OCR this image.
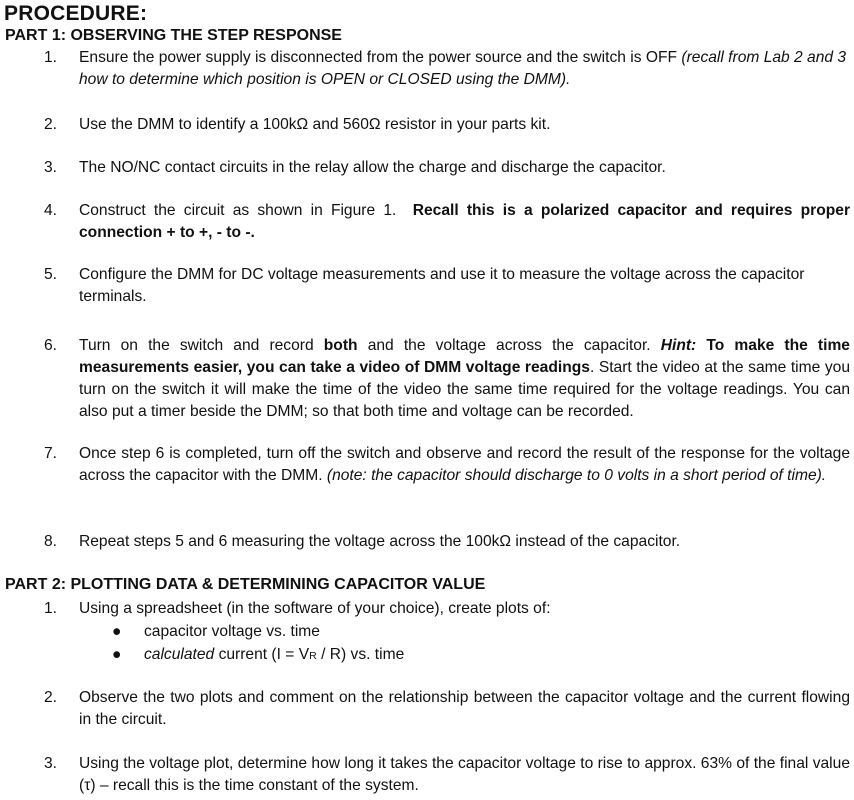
PROCEDURE:
PART 1: OBSERVING THE STEP RESPONSE
1.	Ensure the power supply is disconnected from the power source and the switch is OFF (recall from Lab 2 and 3 how to determine which position is OPEN or CLOSED using the DMM).
2.	Use the DMM to identify a 100kΩ and 560Ω resistor in your parts kit.
3.	The NO/NC contact circuits in the relay allow the charge and discharge the capacitor.
4.	Construct the circuit as shown in Figure 1. Recall this is a polarized capacitor and requires proper connection + to +, - to -.
5.	Configure the DMM for DC voltage measurements and use it to measure the voltage across the capacitor terminals.
6.	Turn on the switch and record both and the voltage across the capacitor. Hint: To make the time measurements easier, you can take a video of DMM voltage readings. Start the video at the same time you turn on the switch it will make the time of the video the same time required for the voltage readings. You can also put a timer beside the DMM; so that both time and voltage can be recorded.
7.	Once step 6 is completed, turn off the switch and observe and record the result of the response for the voltage across the capacitor with the DMM. (note: the capacitor should discharge to 0 volts in a short period of time).
8.	Repeat steps 5 and 6 measuring the voltage across the 100kΩ instead of the capacitor.
PART 2: PLOTTING DATA & DETERMINING CAPACITOR VALUE
1.	Using a spreadsheet (in the software of your choice), create plots of:
● capacitor voltage vs. time
● calculated current (I = VR / R) vs. time
2.	Observe the two plots and comment on the relationship between the capacitor voltage and the current flowing in the circuit.
3.	Using the voltage plot, determine how long it takes the capacitor voltage to rise to approx. 63% of the final value (τ) – recall this is the time constant of the system.
